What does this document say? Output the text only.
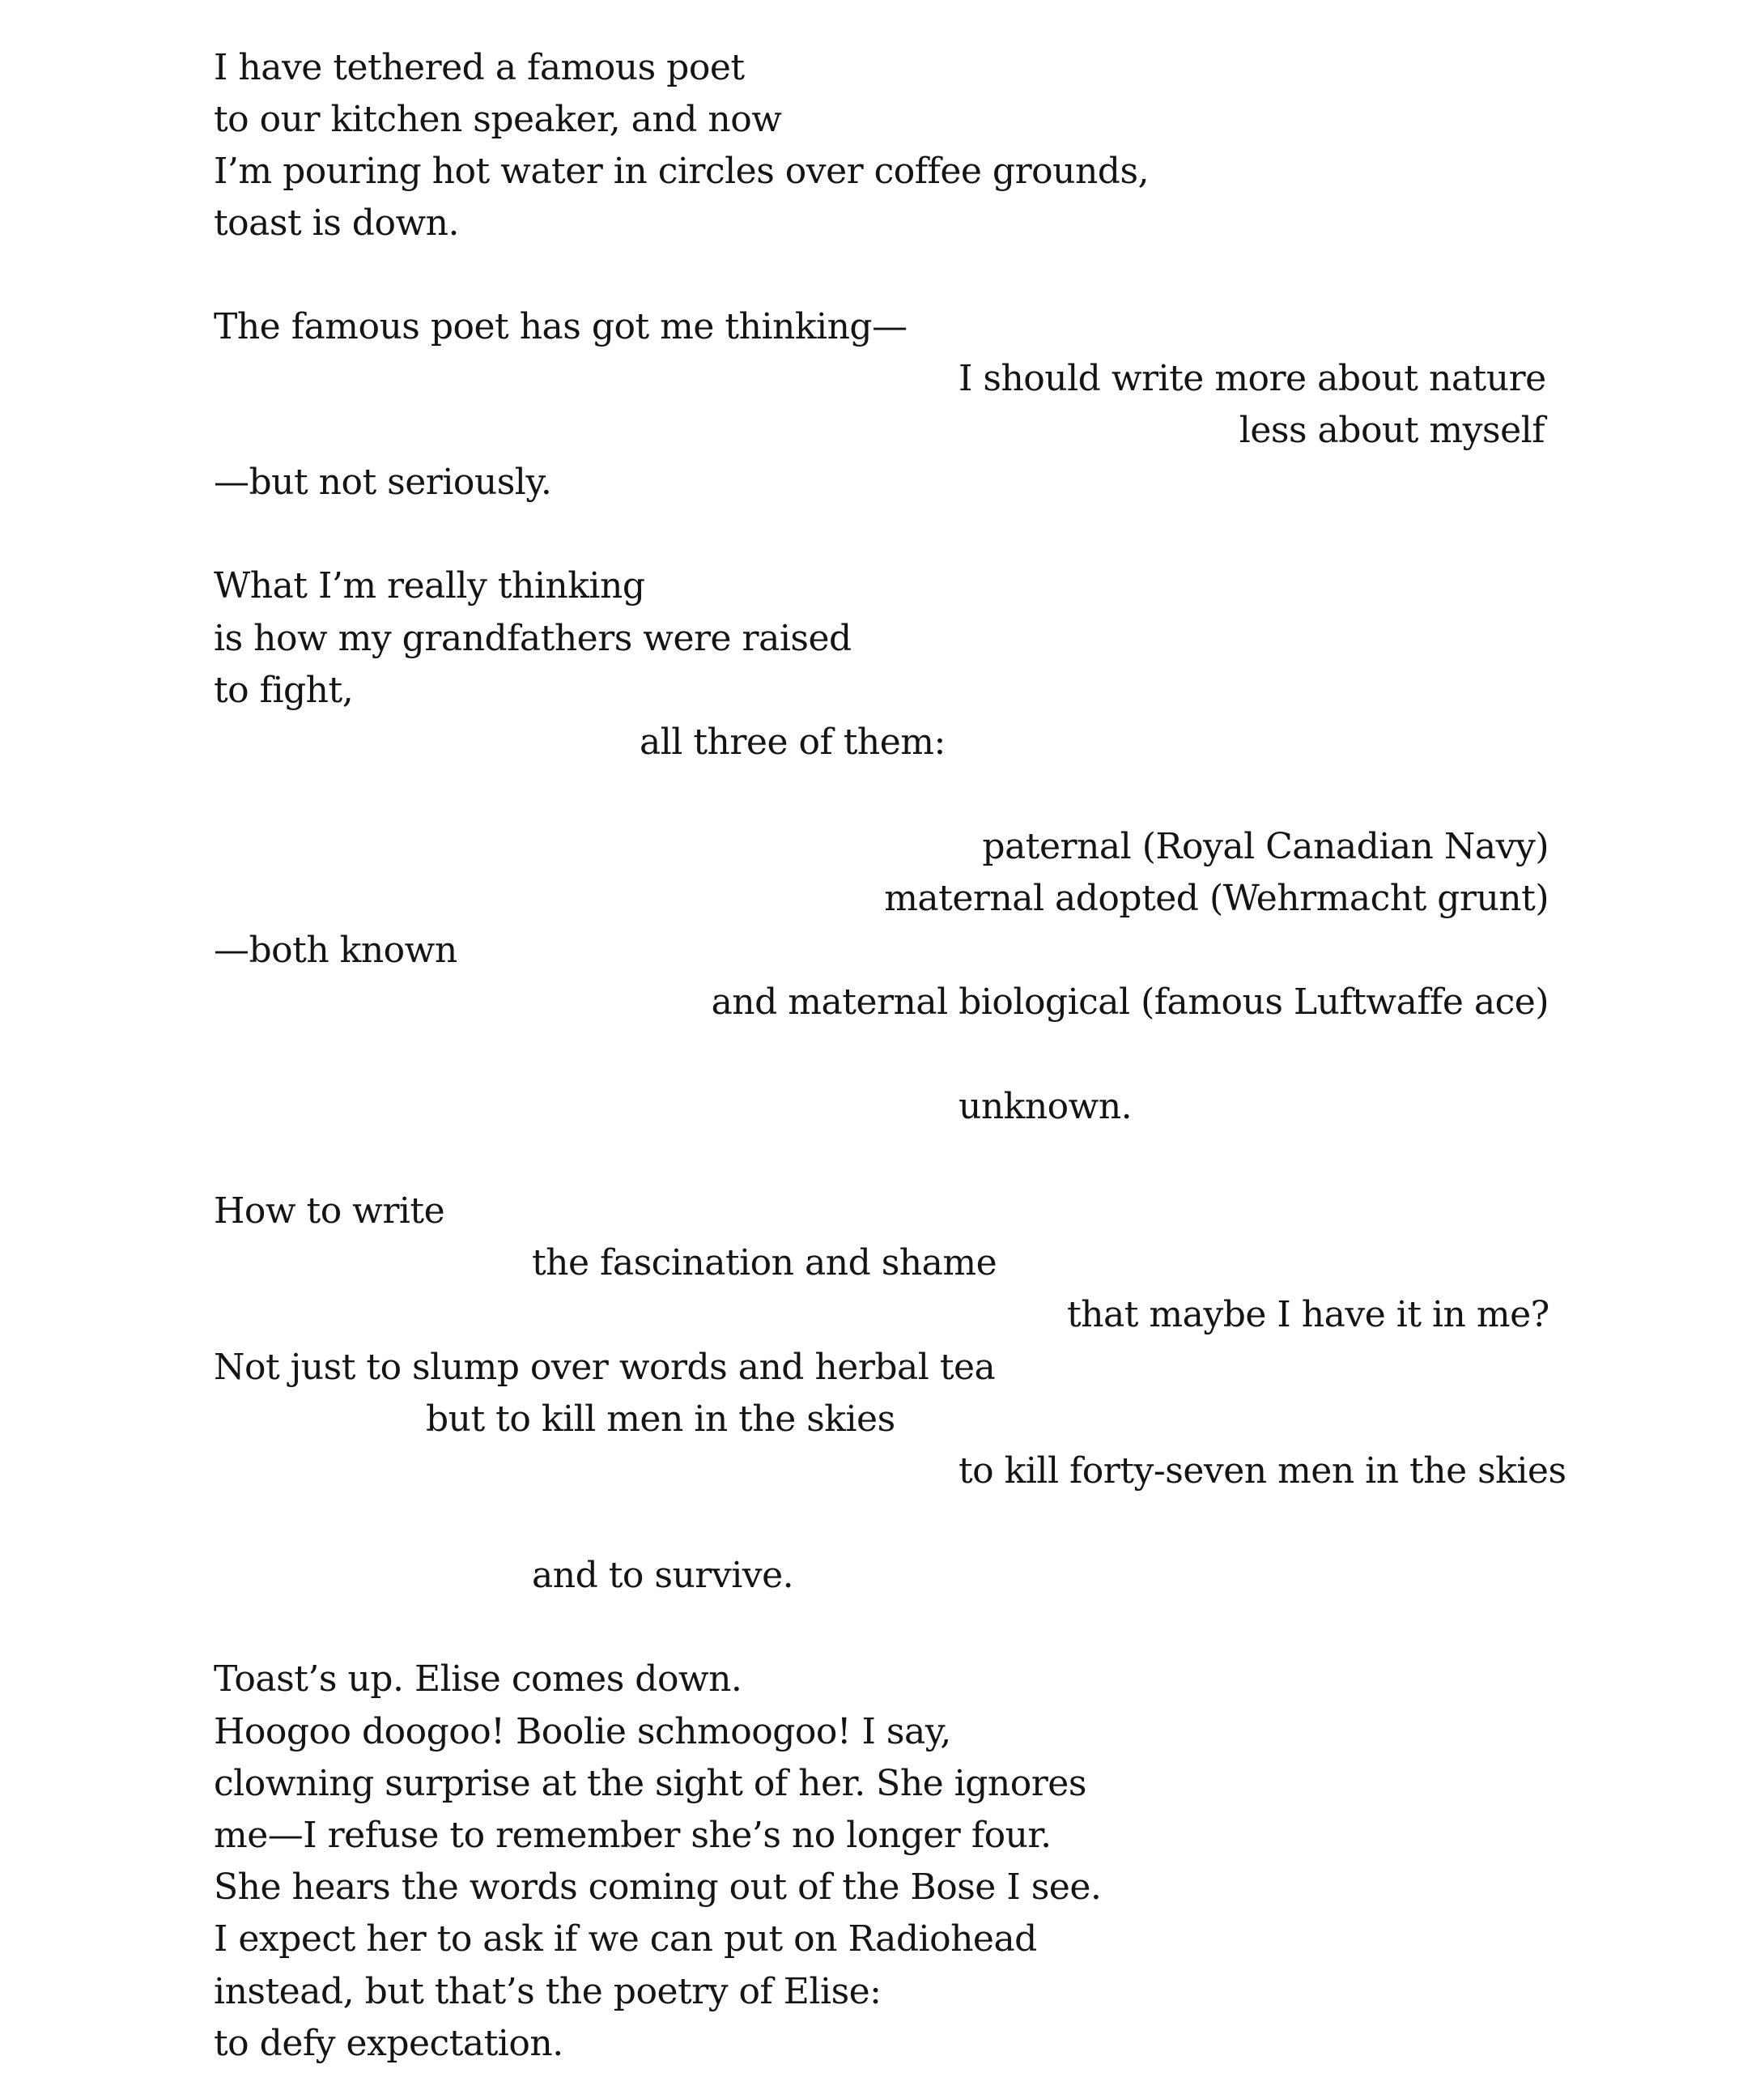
I have tethered a famous poet
to our kitchen speaker, and now
I’m pouring hot water in circles over coffee grounds,
toast is down.
The famous poet has got me thinking—
I should write more about nature
less about myself
—but not seriously.
What I’m really thinking
is how my grandfathers were raised
to fight,
all three of them:
paternal (Royal Canadian Navy)
maternal adopted (Wehrmacht grunt)
—both known
and maternal biological (famous Luftwaffe ace)
unknown.
How to write
the fascination and shame
that maybe I have it in me?
Not just to slump over words and herbal tea
but to kill men in the skies
to kill forty-seven men in the skies
and to survive.
Toast’s up. Elise comes down.
Hoogoo doogoo! Boolie schmoogoo! I say,
clowning surprise at the sight of her. She ignores
me—I refuse to remember she’s no longer four.
She hears the words coming out of the Bose I see.
I expect her to ask if we can put on Radiohead
instead, but that’s the poetry of Elise:
to defy expectation.
